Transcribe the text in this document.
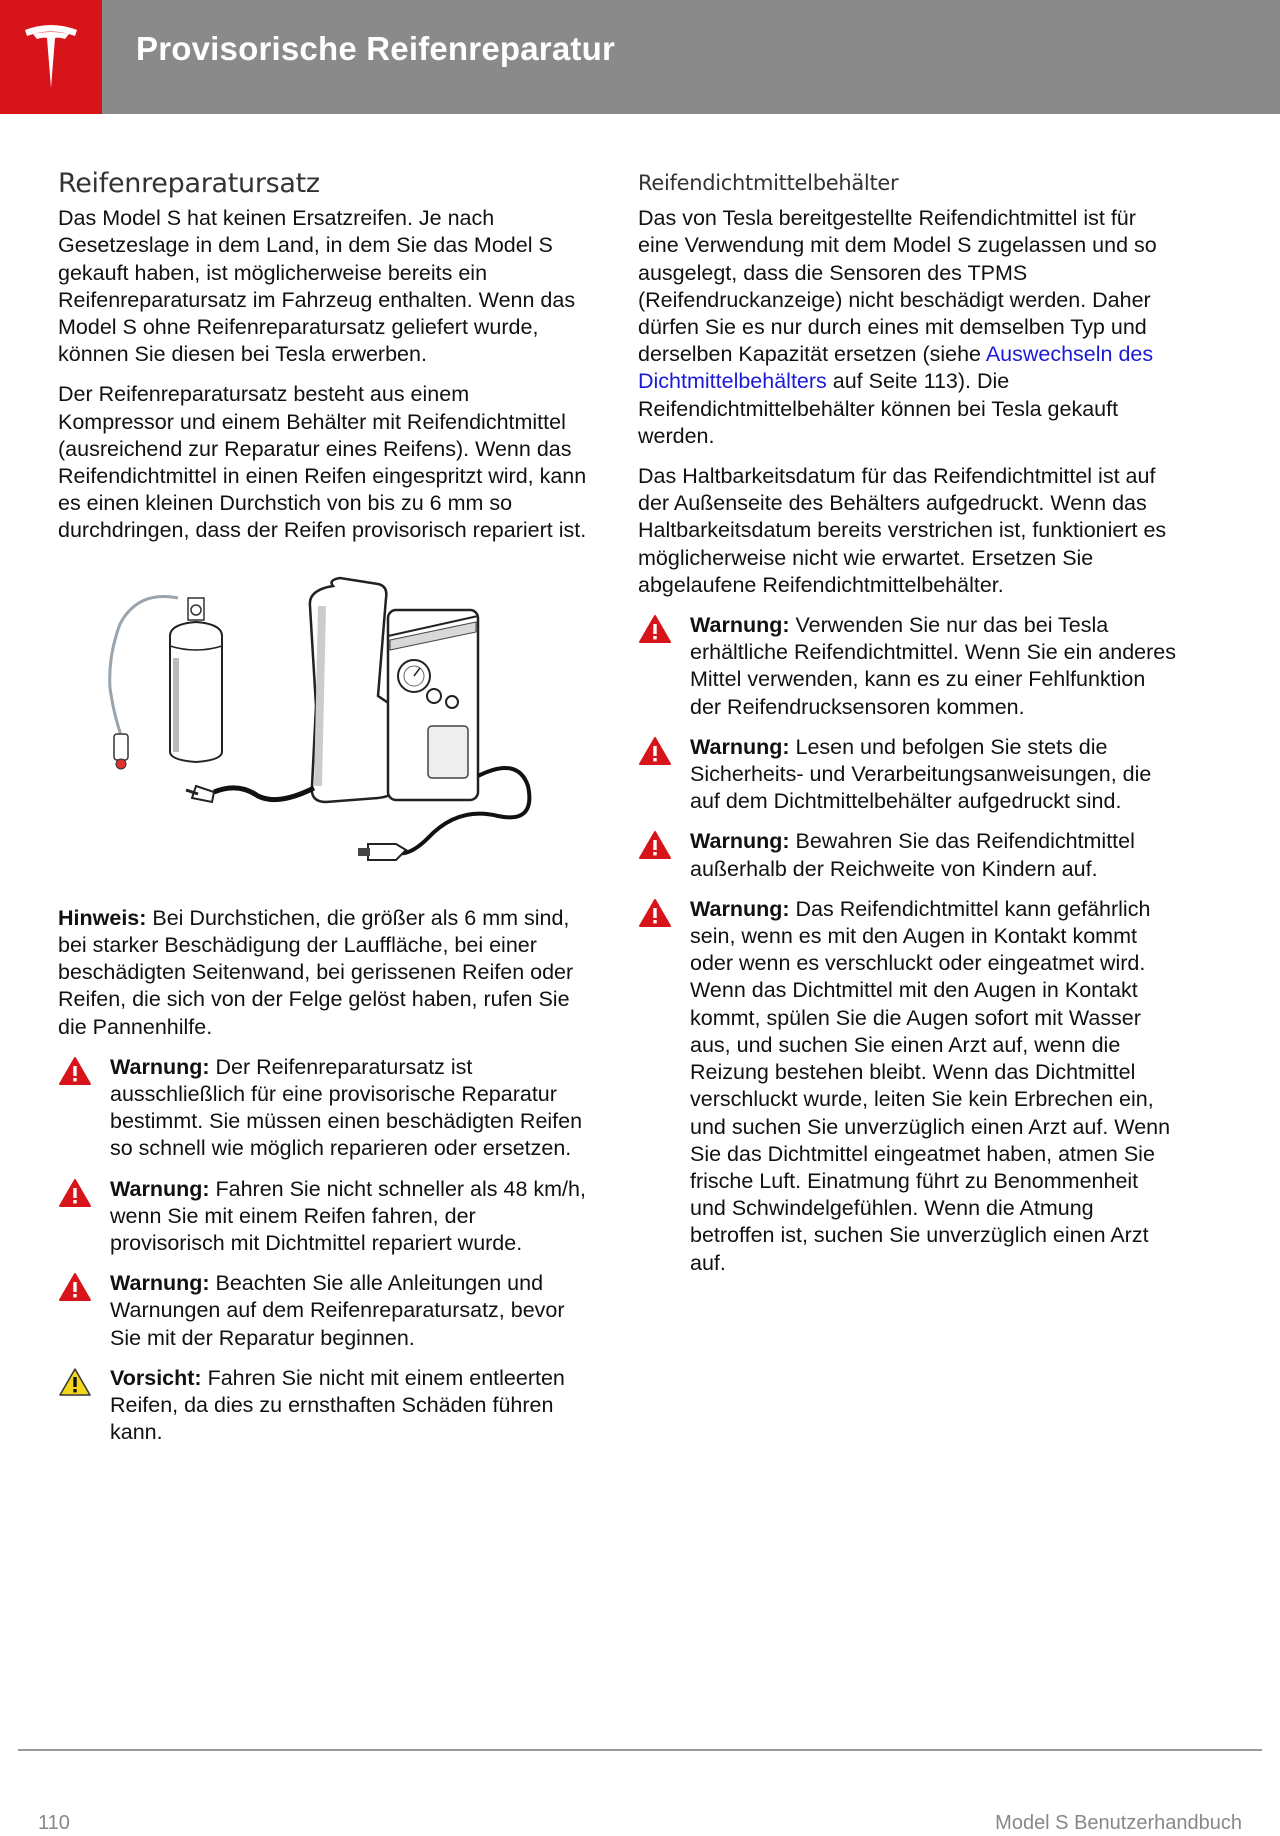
Provisorische Reifenreparatur
Reifenreparatursatz

Das Model S hat keinen Ersatzreifen. Je nach Gesetzeslage in dem Land, in dem Sie das Model S gekauft haben, ist möglicherweise bereits ein Reifenreparatursatz im Fahrzeug enthalten. Wenn das Model S ohne Reifenreparatursatz geliefert wurde, können Sie diesen bei Tesla erwerben.

Der Reifenreparatursatz besteht aus einem Kompressor und einem Behälter mit Reifendichtmittel (ausreichend zur Reparatur eines Reifens). Wenn das Reifendichtmittel in einen Reifen eingespritzt wird, kann es einen kleinen Durchstich von bis zu 6 mm so durchdringen, dass der Reifen provisorisch repariert ist.

Hinweis: Bei Durchstichen, die größer als 6 mm sind, bei starker Beschädigung der Lauffläche, bei einer beschädigten Seitenwand, bei gerissenen Reifen oder Reifen, die sich von der Felge gelöst haben, rufen Sie die Pannenhilfe.

Warnung: Der Reifenreparatursatz ist ausschließlich für eine provisorische Reparatur bestimmt. Sie müssen einen beschädigten Reifen so schnell wie möglich reparieren oder ersetzen.
Warnung: Fahren Sie nicht schneller als 48 km/h, wenn Sie mit einem Reifen fahren, der provisorisch mit Dichtmittel repariert wurde.
Warnung: Beachten Sie alle Anleitungen und Warnungen auf dem Reifenreparatursatz, bevor Sie mit der Reparatur beginnen.
Vorsicht: Fahren Sie nicht mit einem entleerten Reifen, da dies zu ernsthaften Schäden führen kann.
Reifendichtmittelbehälter

Das von Tesla bereitgestellte Reifendichtmittel ist für eine Verwendung mit dem Model S zugelassen und so ausgelegt, dass die Sensoren des TPMS (Reifendruckanzeige) nicht beschädigt werden. Daher dürfen Sie es nur durch eines mit demselben Typ und derselben Kapazität ersetzen (siehe Auswechseln des Dichtmittelbehälters auf Seite 113). Die Reifendichtmittelbehälter können bei Tesla gekauft werden.

Das Haltbarkeitsdatum für das Reifendichtmittel ist auf der Außenseite des Behälters aufgedruckt. Wenn das Haltbarkeitsdatum bereits verstrichen ist, funktioniert es möglicherweise nicht wie erwartet. Ersetzen Sie abgelaufene Reifendichtmittelbehälter.

Warnung: Verwenden Sie nur das bei Tesla erhältliche Reifendichtmittel. Wenn Sie ein anderes Mittel verwenden, kann es zu einer Fehlfunktion der Reifendrucksensoren kommen.
Warnung: Lesen und befolgen Sie stets die Sicherheits- und Verarbeitungsanweisungen, die auf dem Dichtmittelbehälter aufgedruckt sind.
Warnung: Bewahren Sie das Reifendichtmittel außerhalb der Reichweite von Kindern auf.
Warnung: Das Reifendichtmittel kann gefährlich sein, wenn es mit den Augen in Kontakt kommt oder wenn es verschluckt oder eingeatmet wird. Wenn das Dichtmittel mit den Augen in Kontakt kommt, spülen Sie die Augen sofort mit Wasser aus, und suchen Sie einen Arzt auf, wenn die Reizung bestehen bleibt. Wenn das Dichtmittel verschluckt wurde, leiten Sie kein Erbrechen ein, und suchen Sie unverzüglich einen Arzt auf. Wenn Sie das Dichtmittel eingeatmet haben, atmen Sie frische Luft. Einatmung führt zu Benommenheit und Schwindelgefühlen. Wenn die Atmung betroffen ist, suchen Sie unverzüglich einen Arzt auf.
110	Model S Benutzerhandbuch
